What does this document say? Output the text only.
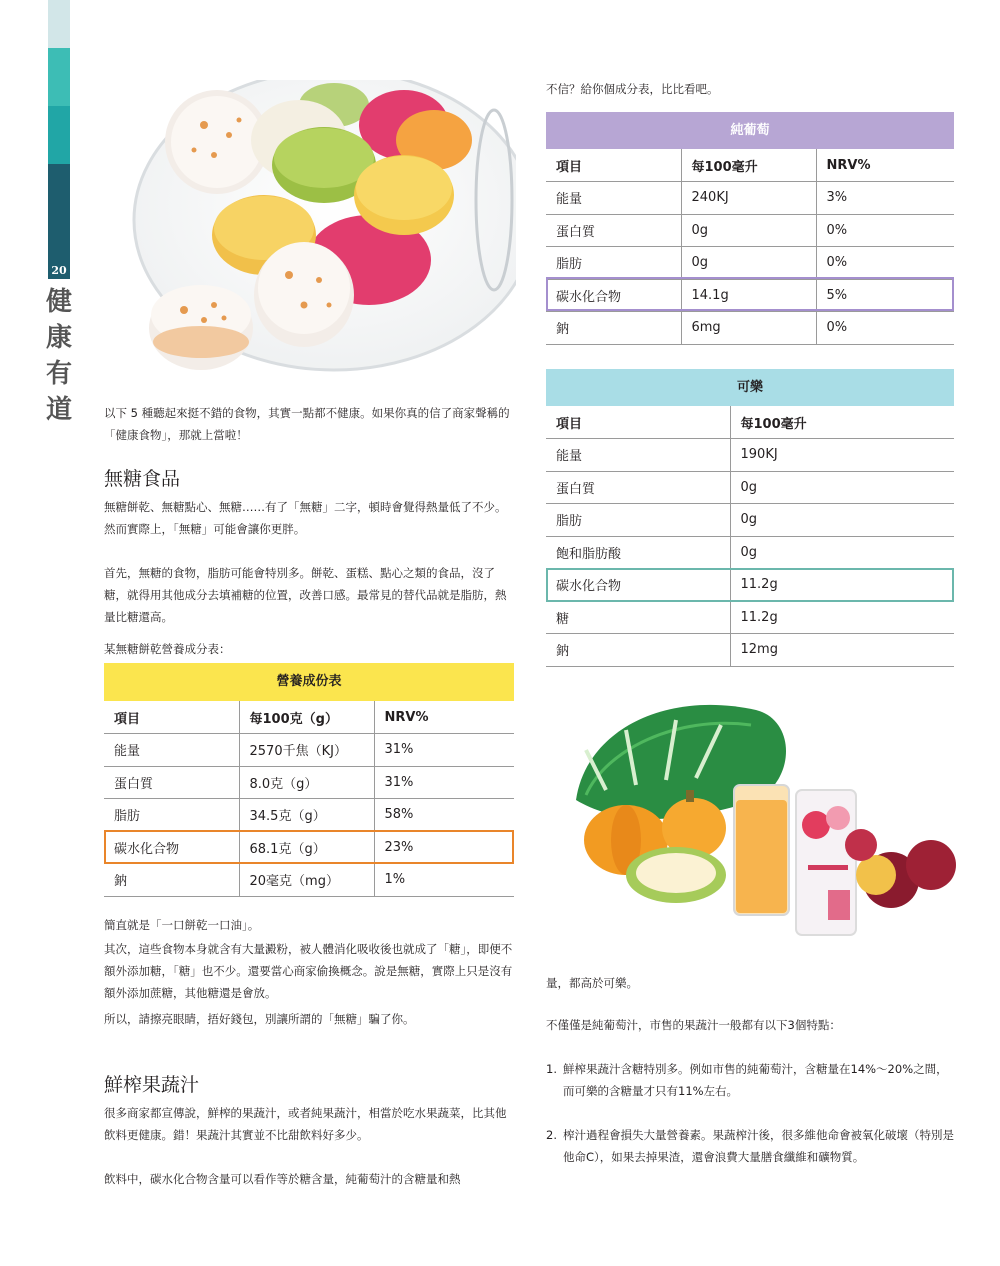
20
健
康
有
道	以下 5 種聽起來挺不錯的食物，其實一點都不健康。如果你真的信了商家聲稱的「健康食物」，那就上當啦！
無糖食品
無糖餅乾、無糖點心、無糖……有了「無糖」二字，頓時會覺得熱量低了不少。然而實際上，「無糖」可能會讓你更胖。
首先，無糖的食物，脂肪可能會特別多。餅乾、蛋糕、點心之類的食品，沒了糖，就得用其他成分去填補糖的位置，改善口感。最常見的替代品就是脂肪，熱量比糖還高。
某無糖餅乾營養成分表：
營養成份表
項目	每100克（g）	NRV%
能量	2570千焦（KJ）	31%
蛋白質	8.0克（g）	31%
脂肪	34.5克（g）	58%
碳水化合物	68.1克（g）	23%
鈉	20毫克（mg）	1%
簡直就是「一口餅乾一口油」。
其次，這些食物本身就含有大量澱粉，被人體消化吸收後也就成了「糖」，即便不額外添加糖，「糖」也不少。還要當心商家偷換概念。說是無糖，實際上只是沒有額外添加蔗糖，其他糖還是會放。
所以，請擦亮眼睛，捂好錢包，別讓所謂的「無糖」騙了你。
鮮榨果蔬汁
很多商家都宣傳說，鮮榨的果蔬汁，或者純果蔬汁，相當於吃水果蔬菜，比其他飲料更健康。錯！果蔬汁其實並不比甜飲料好多少。
飲料中，碳水化合物含量可以看作等於糖含量，純葡萄汁的含糖量和熱
不信？給你個成分表，比比看吧。
純葡萄
項目	每100毫升	NRV%
能量	240KJ	3%
蛋白質	0g	0%
脂肪	0g	0%
碳水化合物	14.1g	5%
鈉	6mg	0%
可樂
項目	每100毫升
能量	190KJ
蛋白質	0g
脂肪	0g
飽和脂肪酸	0g
碳水化合物	11.2g
糖	11.2g
鈉	12mg
量，都高於可樂。
不僅僅是純葡萄汁，市售的果蔬汁一般都有以下3個特點：
1. 鮮榨果蔬汁含糖特別多。例如市售的純葡萄汁，含糖量在14%～20%之間，而可樂的含糖量才只有11%左右。
2. 榨汁過程會損失大量營養素。果蔬榨汁後，很多維他命會被氧化破壞（特別是他命C），如果去掉果渣，還會浪費大量膳食纖維和礦物質。
